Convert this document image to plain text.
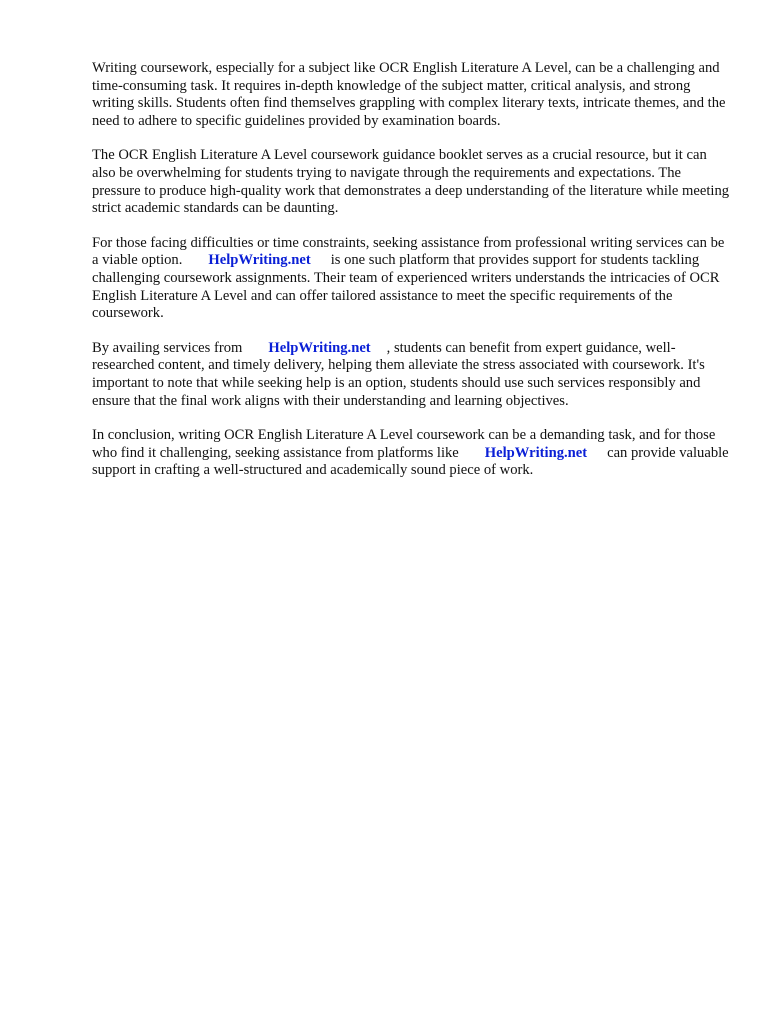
Writing coursework, especially for a subject like OCR English Literature A Level, can be a challenging and time-consuming task. It requires in-depth knowledge of the subject matter, critical analysis, and strong writing skills. Students often find themselves grappling with complex literary texts, intricate themes, and the need to adhere to specific guidelines provided by examination boards.

The OCR English Literature A Level coursework guidance booklet serves as a crucial resource, but it can also be overwhelming for students trying to navigate through the requirements and expectations. The pressure to produce high-quality work that demonstrates a deep understanding of the literature while meeting strict academic standards can be daunting.

For those facing difficulties or time constraints, seeking assistance from professional writing services can be a viable option. HelpWriting.net is one such platform that provides support for students tackling challenging coursework assignments. Their team of experienced writers understands the intricacies of OCR English Literature A Level and can offer tailored assistance to meet the specific requirements of the coursework.

By availing services from HelpWriting.net , students can benefit from expert guidance, well-researched content, and timely delivery, helping them alleviate the stress associated with coursework. It's important to note that while seeking help is an option, students should use such services responsibly and ensure that the final work aligns with their understanding and learning objectives.

In conclusion, writing OCR English Literature A Level coursework can be a demanding task, and for those who find it challenging, seeking assistance from platforms like HelpWriting.net can provide valuable support in crafting a well-structured and academically sound piece of work.
